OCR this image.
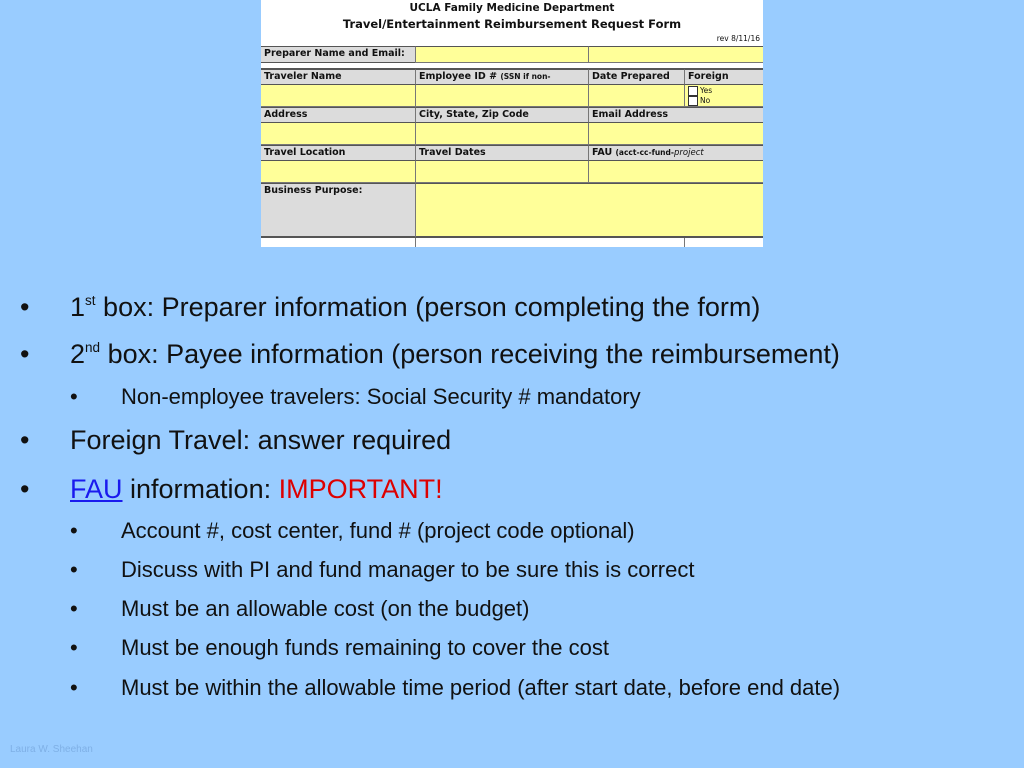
UCLA Family Medicine Department
Travel/Entertainment Reimbursement Request Form
rev 8/11/16
Preparer Name and Email:
Traveler Name	Employee ID # (SSN if non-	Date Prepared	Foreign
Yes
No
Address	City, State, Zip Code	Email Address
Travel Location	Travel Dates	FAU (acct-cc-fund-project
Business Purpose:
• 1st box: Preparer information (person completing the form)
• 2nd box: Payee information (person receiving the reimbursement)
• Non-employee travelers: Social Security # mandatory
• Foreign Travel: answer required
• FAU information: IMPORTANT!
• Account #, cost center, fund # (project code optional)
• Discuss with PI and fund manager to be sure this is correct
• Must be an allowable cost (on the budget)
• Must be enough funds remaining to cover the cost
• Must be within the allowable time period (after start date, before end date)
Laura W. Sheehan
